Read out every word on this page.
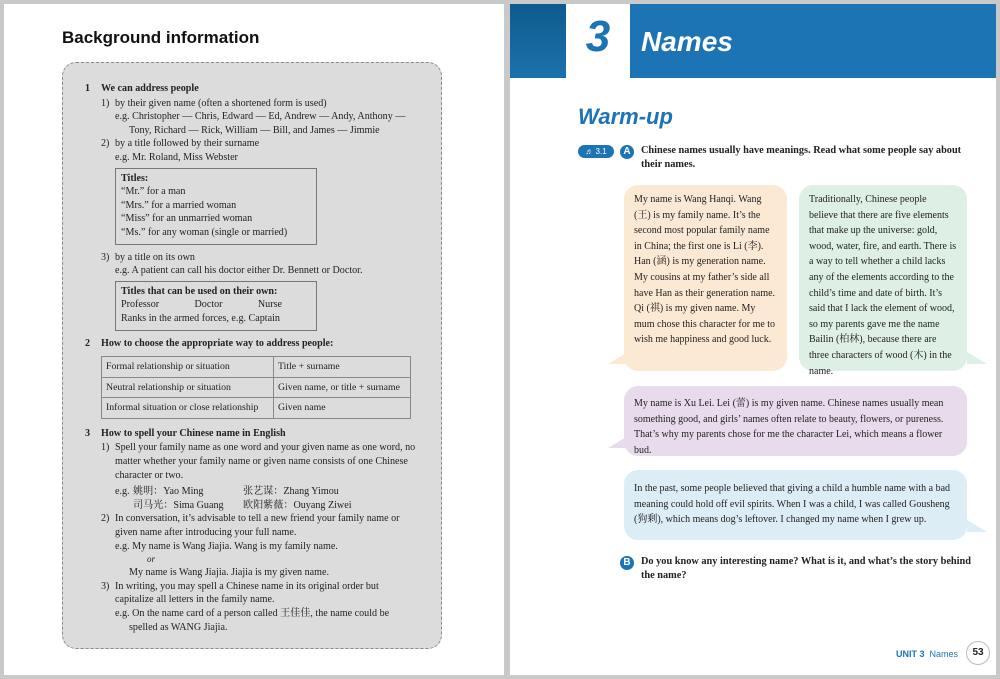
Background information
1	We can address people
1) by their given name (often a shortened form is used)
e.g. Christopher — Chris, Edward — Ed, Andrew — Andy, Anthony — Tony, Richard — Rick, William — Bill, and James — Jimmie
2) by a title followed by their surname
e.g. Mr. Roland, Miss Webster
Titles:
“Mr.” for a man
“Mrs.” for a married woman
“Miss” for an unmarried woman
“Ms.” for any woman (single or married)
3) by a title on its own
e.g. A patient can call his doctor either Dr. Bennett or Doctor.
Titles that can be used on their own:
Professor	Doctor	Nurse
Ranks in the armed forces, e.g. Captain
2	How to choose the appropriate way to address people:
Formal relationship or situation	Title + surname
Neutral relationship or situation	Given name, or title + surname
Informal situation or close relationship	Given name
3	How to spell your Chinese name in English
1) Spell your family name as one word and your given name as one word, no matter whether your family name or given name consists of one Chinese character or two.
e.g. 姚明：Yao Ming	张艺谋：Zhang Yimou
司马光：Sima Guang	欧阳紫薇：Ouyang Ziwei
2) In conversation, it’s advisable to tell a new friend your family name or given name after introducing your full name.
e.g. My name is Wang Jiajia. Wang is my family name.
or
My name is Wang Jiajia. Jiajia is my given name.
3) In writing, you may spell a Chinese name in its original order but capitalize all letters in the family name.
e.g. On the name card of a person called 王佳佳, the name could be spelled as WANG Jiajia.
3	Names
Warm-up
♬ 3.1	A	Chinese names usually have meanings. Read what some people say about their names.
My name is Wang Hanqi. Wang (王) is my family name. It’s the second most popular family name in China; the first one is Li (李). Han (涵) is my generation name. My cousins at my father’s side all have Han as their generation name. Qi (祺) is my given name. My mum chose this character for me to wish me happiness and good luck.
Traditionally, Chinese people believe that there are five elements that make up the universe: gold, wood, water, fire, and earth. There is a way to tell whether a child lacks any of the elements according to the child’s time and date of birth. It’s said that I lack the element of wood, so my parents gave me the name Bailin (柏林), because there are three characters of wood (木) in the name.
My name is Xu Lei. Lei (蕾) is my given name. Chinese names usually mean something good, and girls’ names often relate to beauty, flowers, or pureness. That’s why my parents chose for me the character Lei, which means a flower bud.
In the past, some people believed that giving a child a humble name with a bad meaning could hold off evil spirits. When I was a child, I was called Gousheng (狗剩), which means dog’s leftover. I changed my name when I grew up.
B	Do you know any interesting name? What is it, and what’s the story behind the name?
UNIT 3 Names	53
